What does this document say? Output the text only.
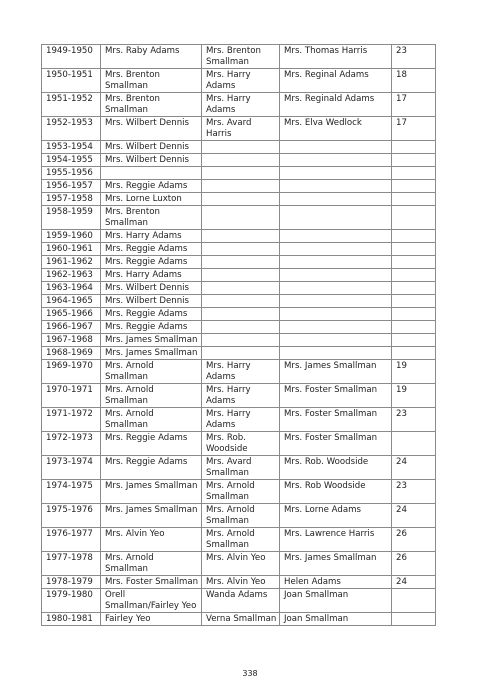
1949-1950	Mrs. Raby Adams	Mrs. Brenton Smallman	Mrs. Thomas Harris	23
1950-1951	Mrs. Brenton Smallman	Mrs. Harry Adams	Mrs. Reginal Adams	18
1951-1952	Mrs. Brenton Smallman	Mrs. Harry Adams	Mrs. Reginald Adams	17
1952-1953	Mrs. Wilbert Dennis	Mrs. Avard Harris	Mrs. Elva Wedlock	17
1953-1954	Mrs. Wilbert Dennis			
1954-1955	Mrs. Wilbert Dennis			
1955-1956				
1956-1957	Mrs. Reggie Adams			
1957-1958	Mrs. Lorne Luxton			
1958-1959	Mrs. Brenton Smallman			
1959-1960	Mrs. Harry Adams			
1960-1961	Mrs. Reggie Adams			
1961-1962	Mrs. Reggie Adams			
1962-1963	Mrs. Harry Adams			
1963-1964	Mrs. Wilbert Dennis			
1964-1965	Mrs. Wilbert Dennis			
1965-1966	Mrs. Reggie Adams			
1966-1967	Mrs. Reggie Adams			
1967-1968	Mrs. James Smallman			
1968-1969	Mrs. James Smallman			
1969-1970	Mrs. Arnold Smallman	Mrs. Harry Adams	Mrs. James Smallman	19
1970-1971	Mrs. Arnold Smallman	Mrs. Harry Adams	Mrs. Foster Smallman	19
1971-1972	Mrs. Arnold Smallman	Mrs. Harry Adams	Mrs. Foster Smallman	23
1972-1973	Mrs. Reggie Adams	Mrs. Rob. Woodside	Mrs. Foster Smallman	
1973-1974	Mrs. Reggie Adams	Mrs. Avard Smallman	Mrs. Rob. Woodside	24
1974-1975	Mrs. James Smallman	Mrs. Arnold Smallman	Mrs. Rob Woodside	23
1975-1976	Mrs. James Smallman	Mrs. Arnold Smallman	Mrs. Lorne Adams	24
1976-1977	Mrs. Alvin Yeo	Mrs. Arnold Smallman	Mrs. Lawrence Harris	26
1977-1978	Mrs. Arnold Smallman	Mrs. Alvin Yeo	Mrs. James Smallman	26
1978-1979	Mrs. Foster Smallman	Mrs. Alvin Yeo	Helen Adams	24
1979-1980	Orell Smallman/Fairley Yeo	Wanda Adams	Joan Smallman	
1980-1981	Fairley Yeo	Verna Smallman	Joan Smallman	
338
